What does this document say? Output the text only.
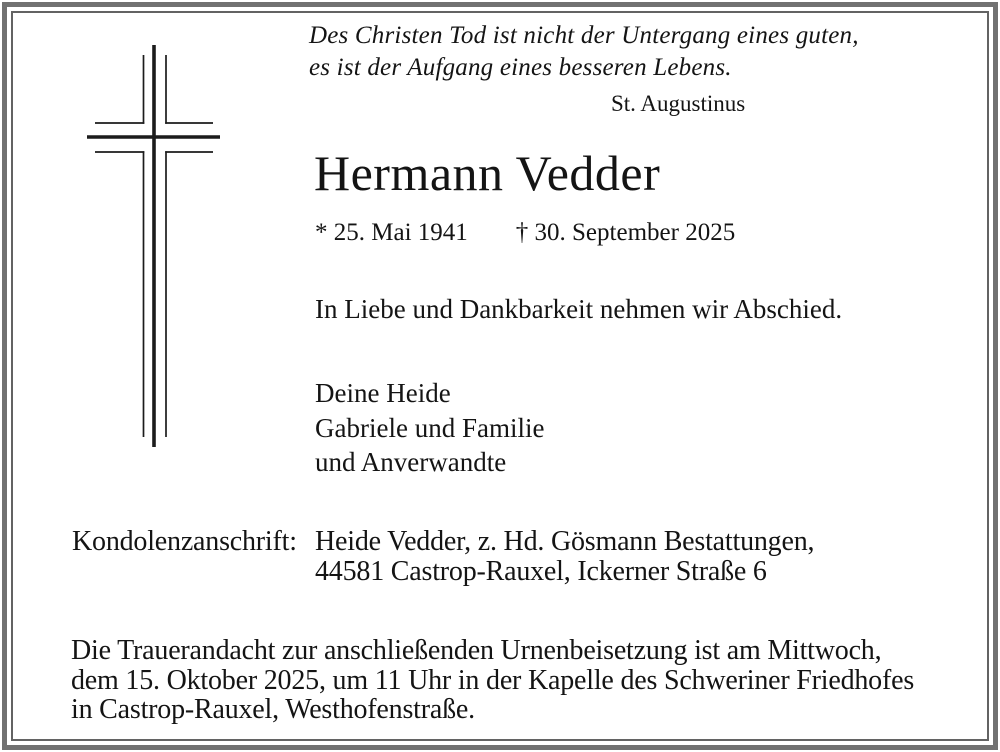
Des Christen Tod ist nicht der Untergang eines guten,
es ist der Aufgang eines besseren Lebens.
St. Augustinus
Hermann Vedder
* 25. Mai 1941 † 30. September 2025
In Liebe und Dankbarkeit nehmen wir Abschied.
Deine Heide
Gabriele und Familie
und Anverwandte
Kondolenzanschrift: Heide Vedder, z. Hd. Gösmann Bestattungen,
44581 Castrop-Rauxel, Ickerner Straße 6
Die Trauerandacht zur anschließenden Urnenbeisetzung ist am Mittwoch,
dem 15. Oktober 2025, um 11 Uhr in der Kapelle des Schweriner Friedhofes
in Castrop-Rauxel, Westhofenstraße.
